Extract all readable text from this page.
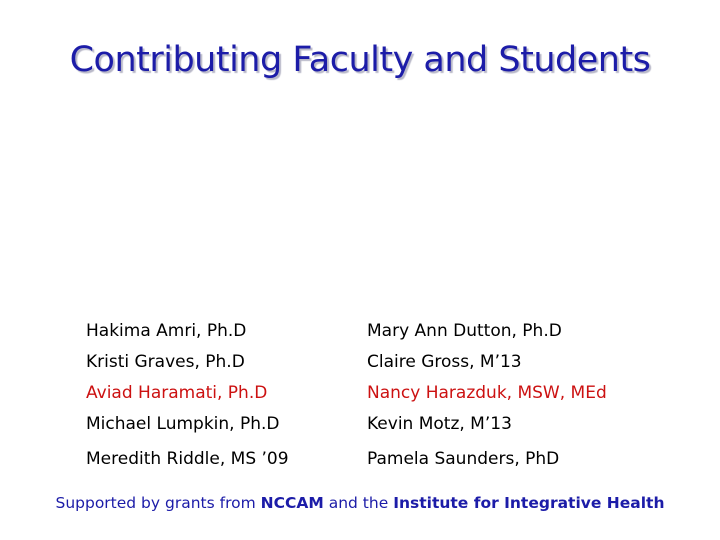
Contributing Faculty and Students
Hakima Amri, Ph.D
Kristi Graves, Ph.D
Aviad Haramati, Ph.D
Michael Lumpkin, Ph.D
Meredith Riddle, MS ’09
Mary Ann Dutton, Ph.D
Claire Gross, M’13
Nancy Harazduk, MSW, MEd
Kevin Motz, M’13
Pamela Saunders, PhD
Supported by grants from NCCAM and the Institute for Integrative Health
